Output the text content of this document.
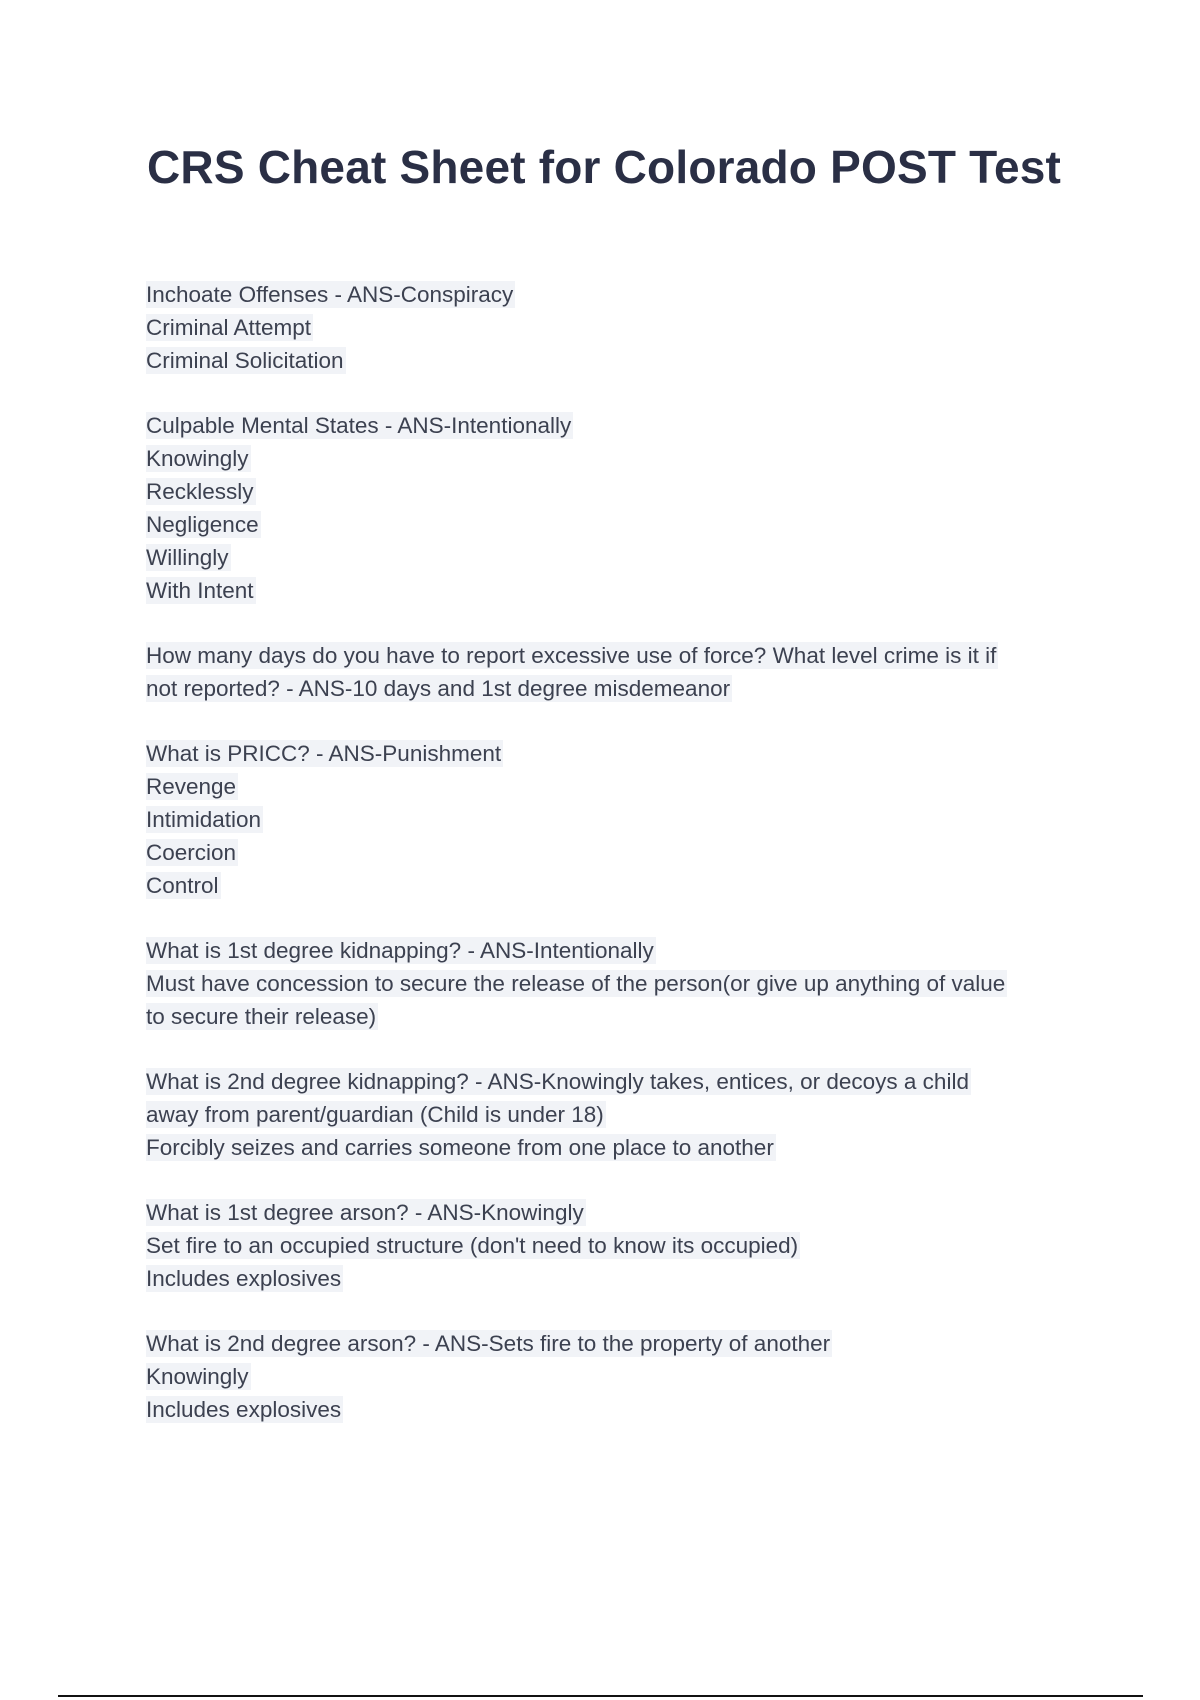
CRS Cheat Sheet for Colorado POST Test
Inchoate Offenses - ANS-Conspiracy
Criminal Attempt
Criminal Solicitation
Culpable Mental States - ANS-Intentionally
Knowingly
Recklessly
Negligence
Willingly
With Intent
How many days do you have to report excessive use of force? What level crime is it if
not reported? - ANS-10 days and 1st degree misdemeanor
What is PRICC? - ANS-Punishment
Revenge
Intimidation
Coercion
Control
What is 1st degree kidnapping? - ANS-Intentionally
Must have concession to secure the release of the person(or give up anything of value
to secure their release)
What is 2nd degree kidnapping? - ANS-Knowingly takes, entices, or decoys a child
away from parent/guardian (Child is under 18)
Forcibly seizes and carries someone from one place to another
What is 1st degree arson? - ANS-Knowingly
Set fire to an occupied structure (don't need to know its occupied)
Includes explosives
What is 2nd degree arson? - ANS-Sets fire to the property of another
Knowingly
Includes explosives
